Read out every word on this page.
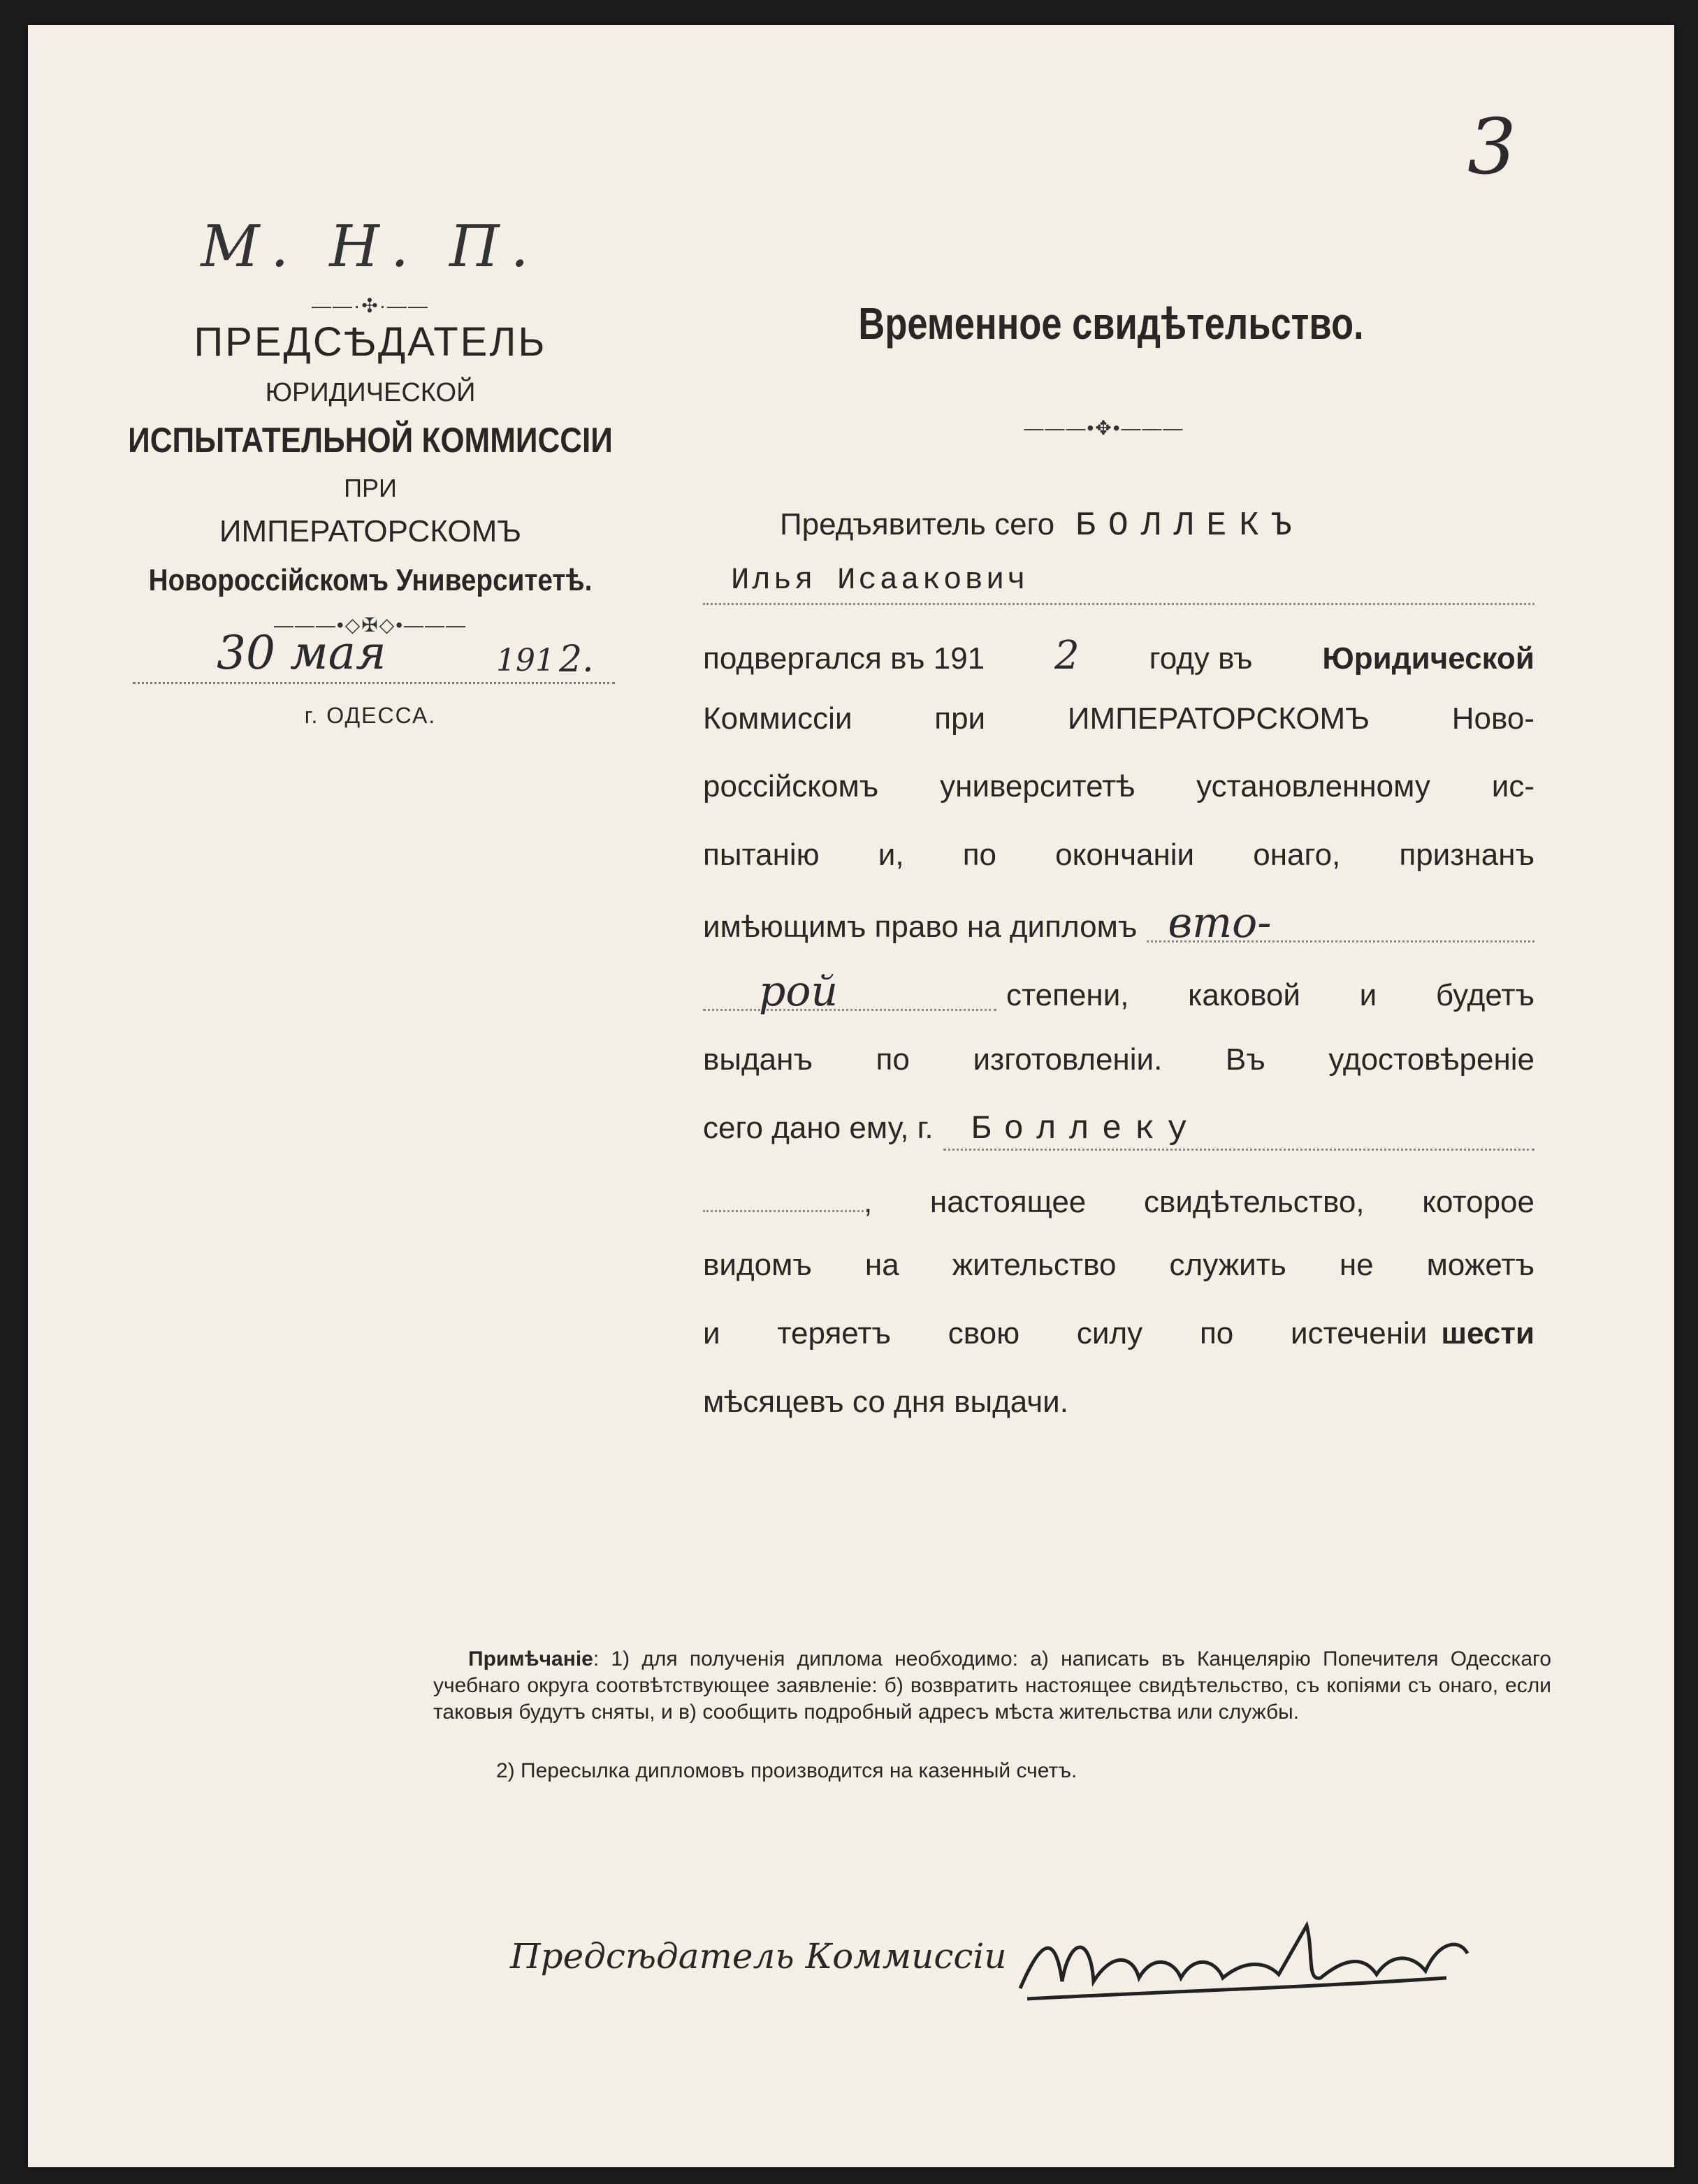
3
М. Н. П.
——·✣·——
ПРЕДСѢДАТЕЛЬ
ЮРИДИЧЕСКОЙ
ИСПЫТАТЕЛЬНОЙ КОММИССІИ
ПРИ
ИМПЕРАТОРСКОМЪ
Новороссійскомъ Университетѣ.
———•◇✠◇•———
30 мая	191 2.
г. ОДЕССА.
Временное свидѣтельство.
———•✥•———
Предъявитель сего БОЛЛЕКЪ
Илья Исаакович
подвергался въ 191 2 году въ Юридической
Коммиссіи при ИМПЕРАТОРСКОМЪ Ново-
россійскомъ университетѣ установленному ис-
пытанію и, по окончаніи онаго, признанъ
имѣющимъ право на дипломъ вто-
рой	степени, каковой и будетъ
выданъ по изготовленіи. Въ удостовѣреніе
сего дано ему, г.	Боллеку
, настоящее свидѣтельство, которое
видомъ на жительство служить не можетъ
и теряетъ свою силу по истеченіи шести
мѣсяцевъ со дня выдачи.
Примѣчаніе: 1) для полученія диплома необходимо: а) написать въ Канцелярію Попечителя Одесскаго учебнаго округа соотвѣтствующее заявленіе: б) возвратить настоящее свидѣтельство, съ копіями съ онаго, если таковыя будутъ сняты, и в) сообщить подробный адресъ мѣста жительства или службы.
2) Пересылка дипломовъ производится на казенный счетъ.
Предсѣдатель Коммиссіи
